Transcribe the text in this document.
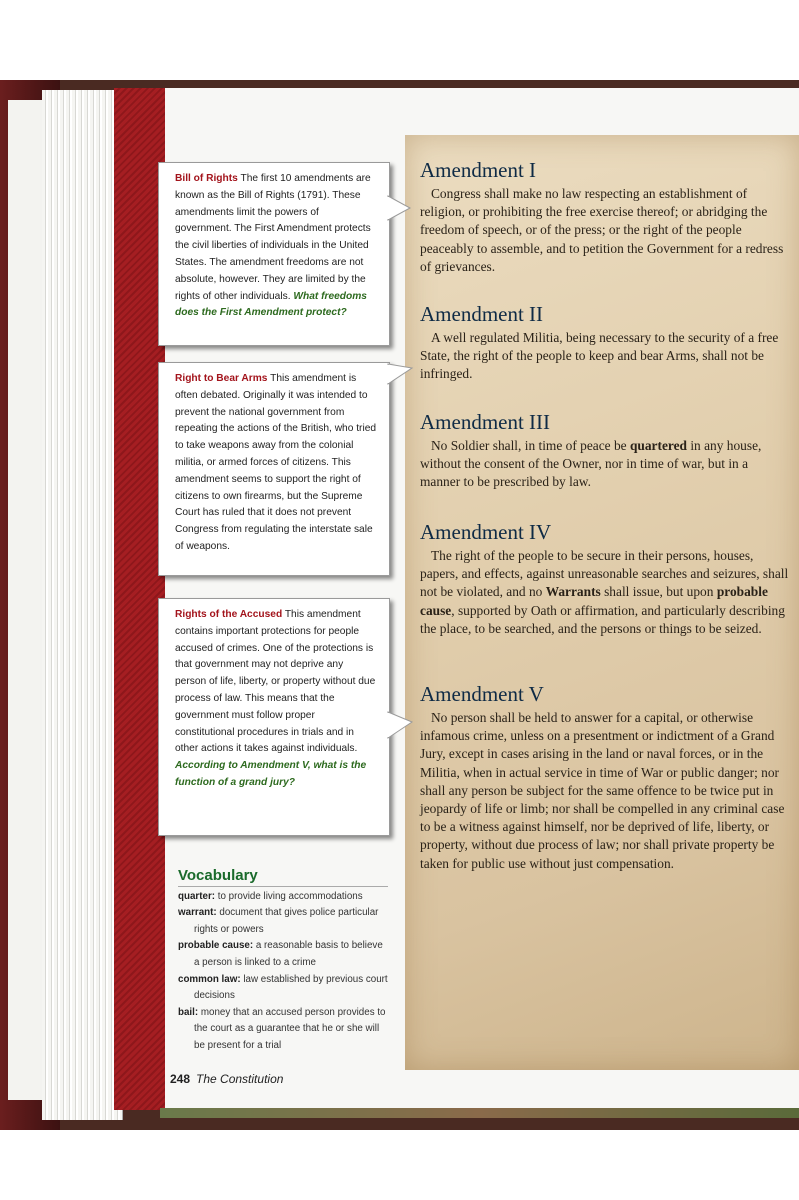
Bill of Rights The first 10 amendments are known as the Bill of Rights (1791). These amendments limit the powers of government. The First Amendment protects the civil liberties of individuals in the United States. The amendment freedoms are not absolute, however. They are limited by the rights of other individuals. What freedoms does the First Amendment protect?
Right to Bear Arms This amendment is often debated. Originally it was intended to prevent the national government from repeating the actions of the British, who tried to take weapons away from the colonial militia, or armed forces of citizens. This amendment seems to support the right of citizens to own firearms, but the Supreme Court has ruled that it does not prevent Congress from regulating the interstate sale of weapons.
Rights of the Accused This amendment contains important protections for people accused of crimes. One of the protections is that government may not deprive any person of life, liberty, or property without due process of law. This means that the government must follow proper constitutional procedures in trials and in other actions it takes against individuals. According to Amendment V, what is the function of a grand jury?
Amendment I

Congress shall make no law respecting an establishment of religion, or prohibiting the free exercise thereof; or abridging the freedom of speech, or of the press; or the right of the people peaceably to assemble, and to petition the Government for a redress of grievances.

Amendment II

A well regulated Militia, being necessary to the security of a free State, the right of the people to keep and bear Arms, shall not be infringed.

Amendment III

No Soldier shall, in time of peace be quartered in any house, without the consent of the Owner, nor in time of war, but in a manner to be prescribed by law.

Amendment IV

The right of the people to be secure in their persons, houses, papers, and effects, against unreasonable searches and seizures, shall not be violated, and no Warrants shall issue, but upon probable cause, supported by Oath or affirmation, and particularly describing the place, to be searched, and the persons or things to be seized.

Amendment V

No person shall be held to answer for a capital, or otherwise infamous crime, unless on a presentment or indictment of a Grand Jury, except in cases arising in the land or naval forces, or in the Militia, when in actual service in time of War or public danger; nor shall any person be subject for the same offence to be twice put in jeopardy of life or limb; nor shall be compelled in any criminal case to be a witness against himself, nor be deprived of life, liberty, or property, without due process of law; nor shall private property be taken for public use without just compensation.

Vocabulary
quarter: to provide living accommodations
warrant: document that gives police particular rights or powers
probable cause: a reasonable basis to believe a person is linked to a crime
common law: law established by previous court decisions
bail: money that an accused person provides to the court as a guarantee that he or she will be present for a trial
248 The Constitution
